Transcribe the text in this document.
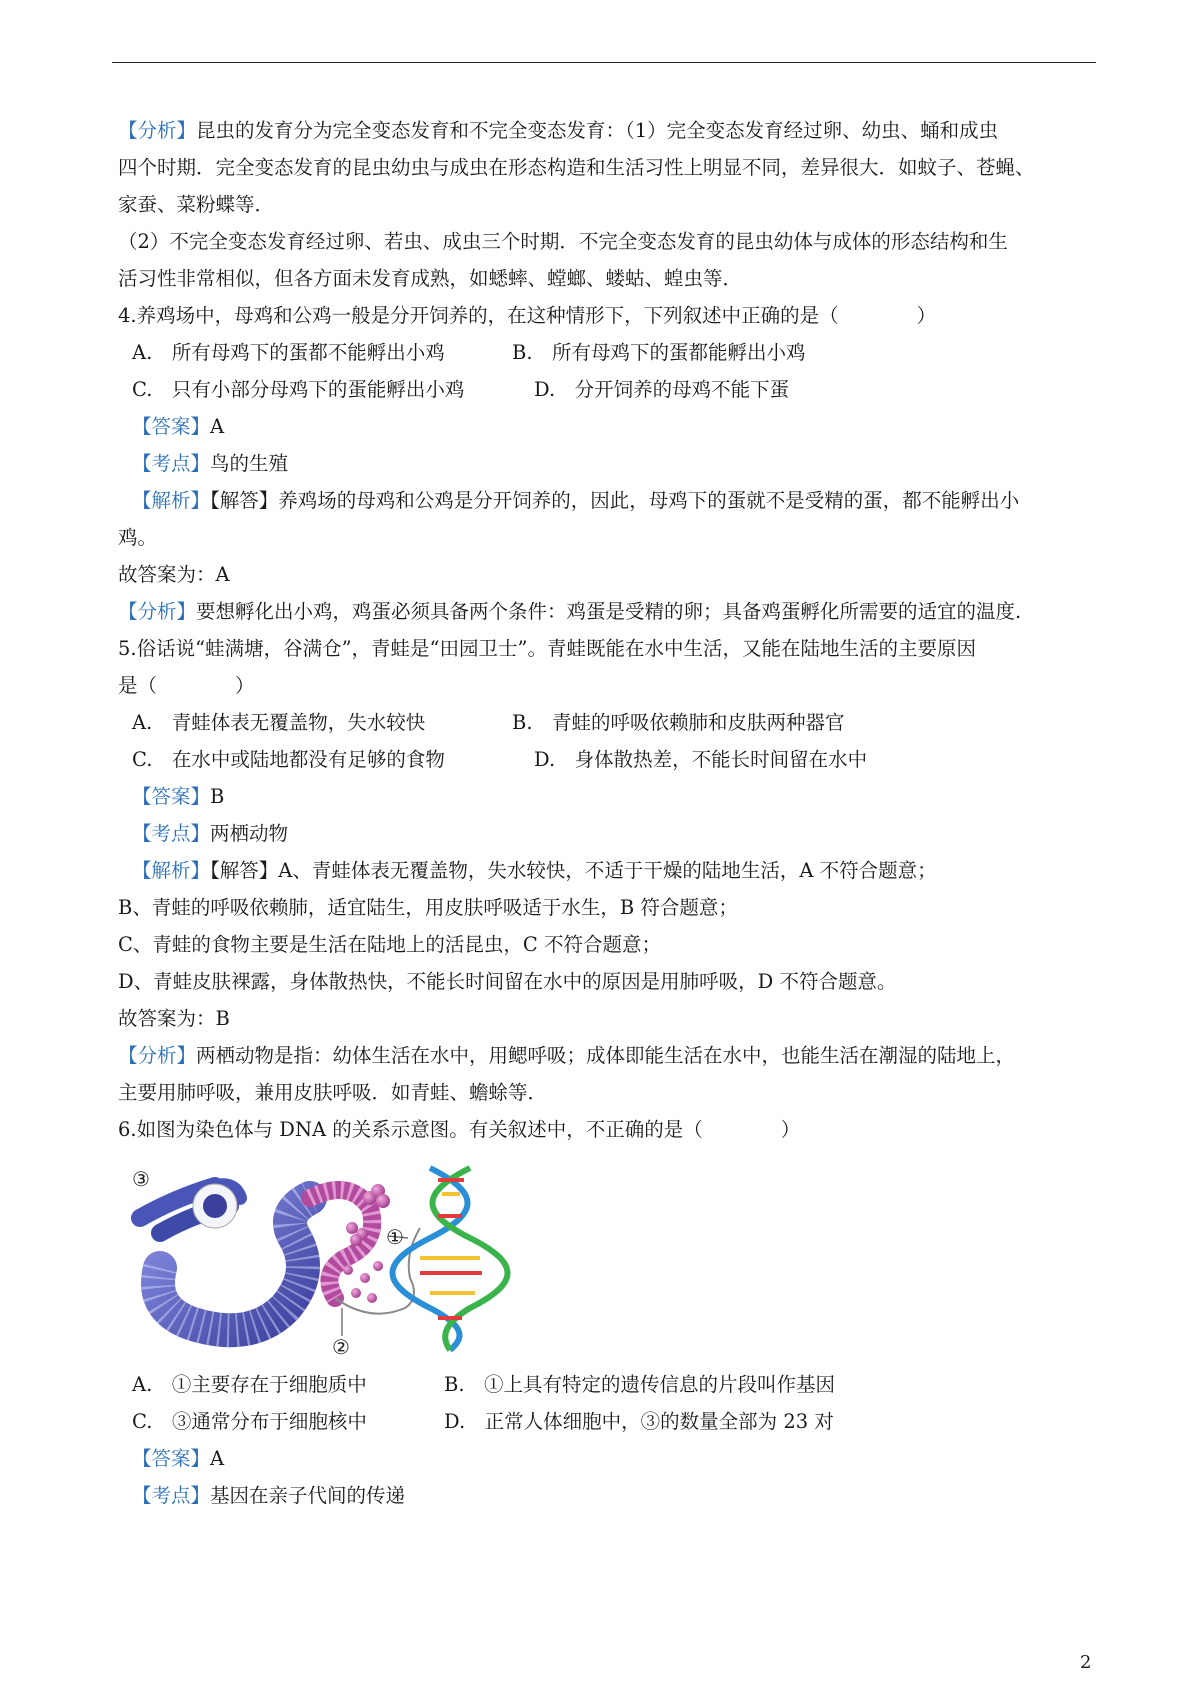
【分析】昆虫的发育分为完全变态发育和不完全变态发育：（1）完全变态发育经过卵、幼虫、蛹和成虫
四个时期．完全变态发育的昆虫幼虫与成虫在形态构造和生活习性上明显不同，差异很大．如蚊子、苍蝇、
家蚕、菜粉蝶等．
（2）不完全变态发育经过卵、若虫、成虫三个时期．不完全变态发育的昆虫幼体与成体的形态结构和生
活习性非常相似，但各方面未发育成熟，如蟋蟀、螳螂、蝼蛄、蝗虫等．
4.养鸡场中，母鸡和公鸡一般是分开饲养的，在这种情形下，下列叙述中正确的是（　　　　）
A.　所有母鸡下的蛋都不能孵出小鸡	B.　所有母鸡下的蛋都能孵出小鸡
C.　只有小部分母鸡下的蛋能孵出小鸡	D.　分开饲养的母鸡不能下蛋
【答案】A
【考点】鸟的生殖
【解析】【解答】养鸡场的母鸡和公鸡是分开饲养的，因此，母鸡下的蛋就不是受精的蛋，都不能孵出小
鸡。
故答案为：A
【分析】要想孵化出小鸡，鸡蛋必须具备两个条件：鸡蛋是受精的卵；具备鸡蛋孵化所需要的适宜的温度.
5.俗话说“蛙满塘，谷满仓”，青蛙是“田园卫士”。青蛙既能在水中生活，又能在陆地生活的主要原因
是（　　　　）
A.　青蛙体表无覆盖物，失水较快	B.　青蛙的呼吸依赖肺和皮肤两种器官
C.　在水中或陆地都没有足够的食物	D.　身体散热差，不能长时间留在水中
【答案】B
【考点】两栖动物
【解析】【解答】A、青蛙体表无覆盖物，失水较快，不适于干燥的陆地生活，A 不符合题意；
B、青蛙的呼吸依赖肺，适宜陆生，用皮肤呼吸适于水生，B 符合题意；
C、青蛙的食物主要是生活在陆地上的活昆虫，C 不符合题意；
D、青蛙皮肤裸露，身体散热快，不能长时间留在水中的原因是用肺呼吸，D 不符合题意。
故答案为：B
【分析】两栖动物是指：幼体生活在水中，用鳃呼吸；成体即能生活在水中，也能生活在潮湿的陆地上，
主要用肺呼吸，兼用皮肤呼吸．如青蛙、蟾蜍等．
6.如图为染色体与 DNA 的关系示意图。有关叙述中，不正确的是（　　　　）
③
①
②
A.　①主要存在于细胞质中	B.　①上具有特定的遗传信息的片段叫作基因
C.　③通常分布于细胞核中	D.　正常人体细胞中，③的数量全部为 23 对
【答案】A
【考点】基因在亲子代间的传递
2
